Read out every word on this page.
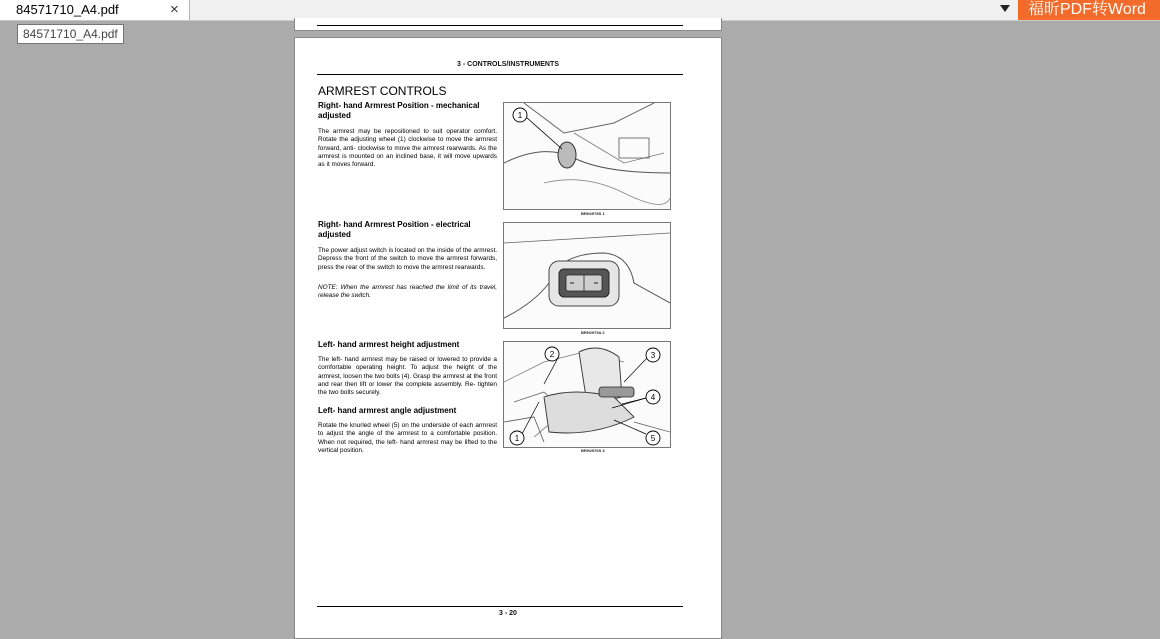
84571710_A4.pdf	×	福昕PDF转Word
84571710_A4.pdf
3 - CONTROLS/INSTRUMENTS
ARMREST CONTROLS
Right- hand Armrest Position - mechanical adjusted
The armrest may be repositioned to suit operator comfort. Rotate the adjusting wheel (1) clockwise to move the armrest forward, anti- clockwise to move the armrest rearwards. As the armrest is mounted on an inclined base, it will move upwards as it moves forward.
1
BRH2978S 1
Right- hand Armrest Position - electrical adjusted
The power adjust switch is located on the inside of the armrest. Depress the front of the switch to move the armrest forwards, press the rear of the switch to move the armrest rearwards.
NOTE: When the armrest has reached the limit of its travel, release the switch.
BRH2979A 2
Left- hand armrest height adjustment
The left- hand armrest may be raised or lowered to provide a comfortable operating height. To adjust the height of the armrest, loosen the two bolts (4). Grasp the armrest at the front and rear then lift or lower the complete assembly. Re- tighten the two bolts securely.
Left- hand armrest angle adjustment
Rotate the knurled wheel (5) on the underside of each armrest to adjust the angle of the armrest to a comfortable position. When not required, the left- hand armrest may be lifted to the vertical position.
2	3
4
5
1
BRH2976S 3
3 - 20
